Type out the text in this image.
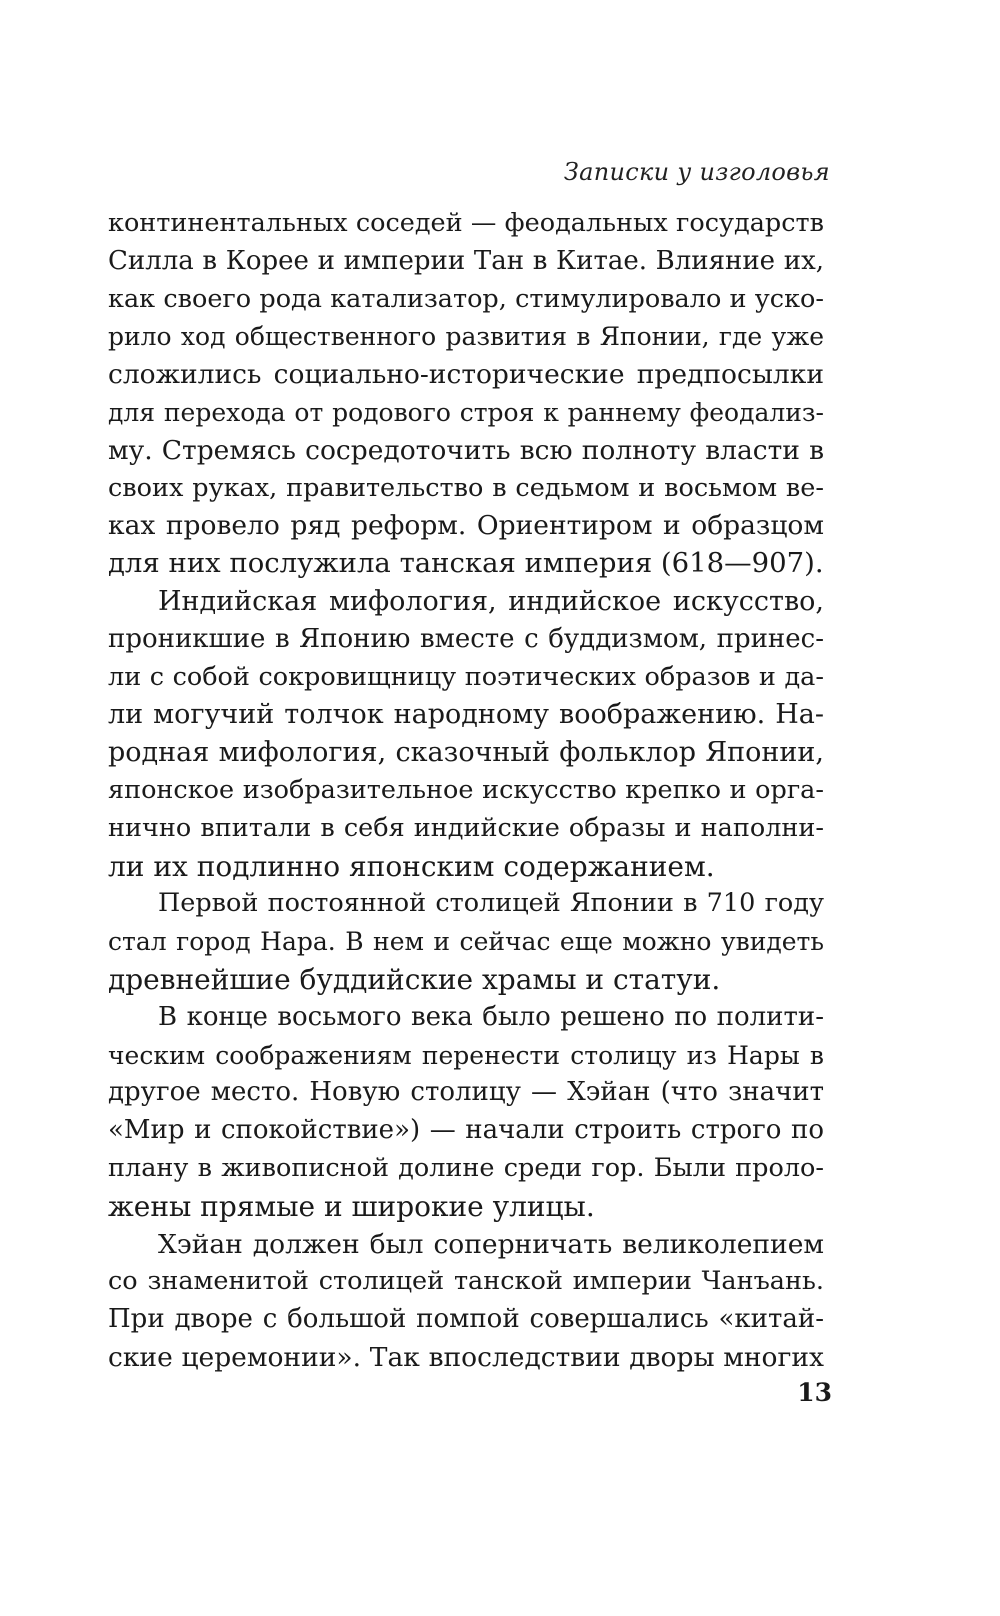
Записки у изголовья
континентальных соседей — феодальных государств
Силла в Корее и империи Тан в Китае. Влияние их,
как своего рода катализатор, стимулировало и уско-
рило ход общественного развития в Японии, где уже
сложились социально-исторические предпосылки
для перехода от родового строя к раннему феодализ-
му. Стремясь сосредоточить всю полноту власти в
своих руках, правительство в седьмом и восьмом ве-
ках провело ряд реформ. Ориентиром и образцом
для них послужила танская империя (618—907).
Индийская мифология, индийское искусство,
проникшие в Японию вместе с буддизмом, принес-
ли с собой сокровищницу поэтических образов и да-
ли могучий толчок народному воображению. На-
родная мифология, сказочный фольклор Японии,
японское изобразительное искусство крепко и орга-
нично впитали в себя индийские образы и наполни-
ли их подлинно японским содержанием.
Первой постоянной столицей Японии в 710 году
стал город Нара. В нем и сейчас еще можно увидеть
древнейшие буддийские храмы и статуи.
В конце восьмого века было решено по полити-
ческим соображениям перенести столицу из Нары в
другое место. Новую столицу — Хэйан (что значит
«Мир и спокойствие») — начали строить строго по
плану в живописной долине среди гор. Были проло-
жены прямые и широкие улицы.
Хэйан должен был соперничать великолепием
со знаменитой столицей танской империи Чанъань.
При дворе с большой помпой совершались «китай-
ские церемонии». Так впоследствии дворы многих
13
